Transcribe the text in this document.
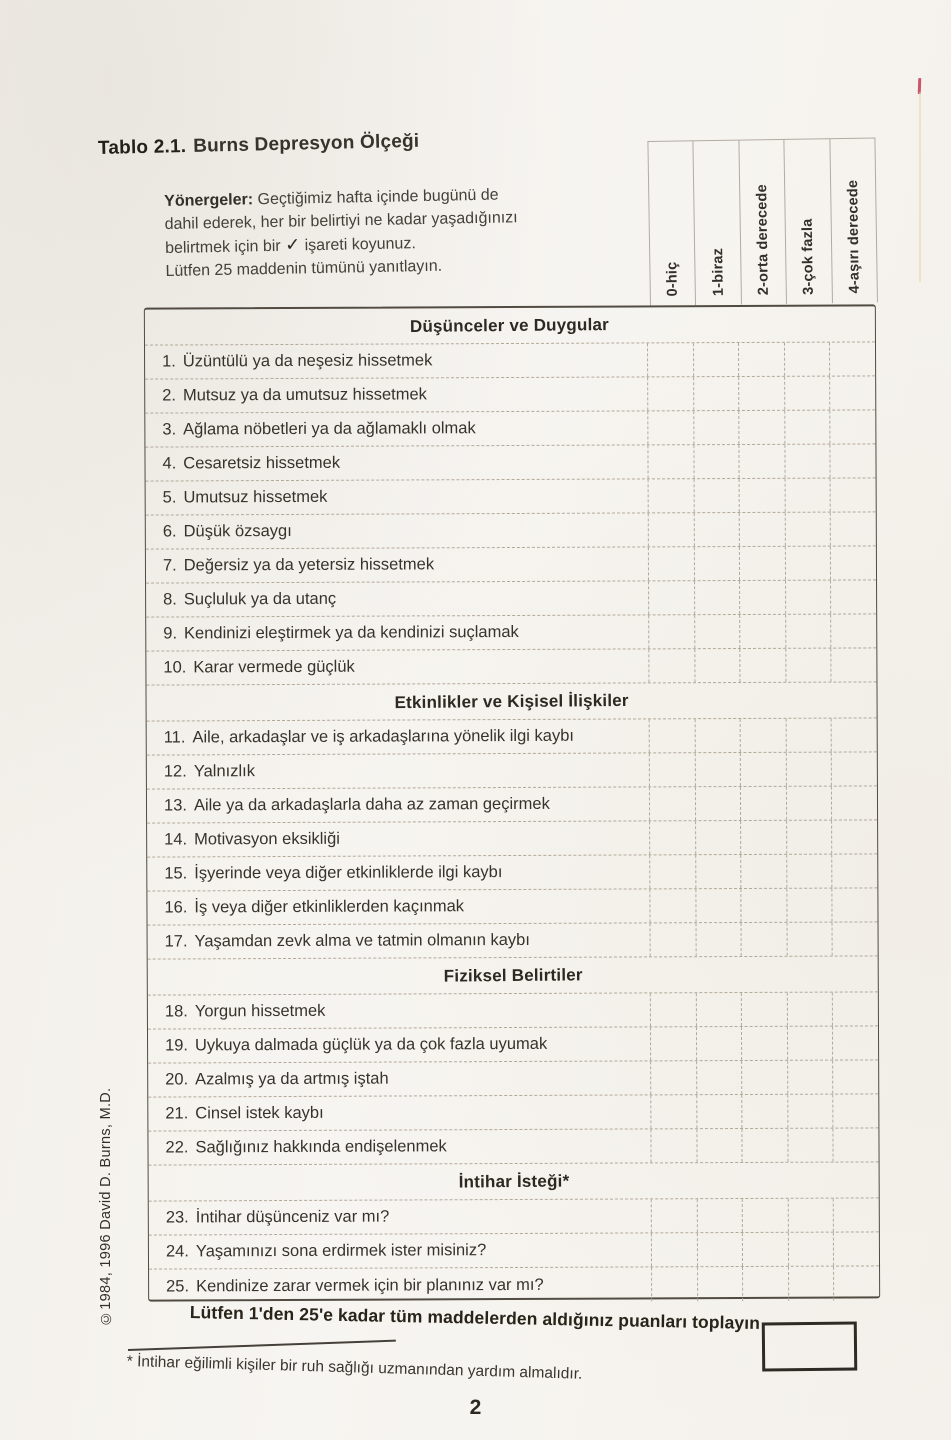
Tablo 2.1. Burns Depresyon Ölçeği
Yönergeler: Geçtiğimiz hafta içinde bugünü de
dahil ederek, her bir belirtiyi ne kadar yaşadığınızı
belirtmek için bir ✓ işareti koyunuz.
Lütfen 25 maddenin tümünü yanıtlayın.	0-hiç 1-biraz 2-orta derecede 3-çok fazla 4-aşırı derecede
Düşünceler ve Duygular
1. Üzüntülü ya da neşesiz hissetmek
2. Mutsuz ya da umutsuz hissetmek
3. Ağlama nöbetleri ya da ağlamaklı olmak
4. Cesaretsiz hissetmek
5. Umutsuz hissetmek
6. Düşük özsaygı
7. Değersiz ya da yetersiz hissetmek
8. Suçluluk ya da utanç
9. Kendinizi eleştirmek ya da kendinizi suçlamak
10. Karar vermede güçlük
Etkinlikler ve Kişisel İlişkiler
11. Aile, arkadaşlar ve iş arkadaşlarına yönelik ilgi kaybı
12. Yalnızlık
13. Aile ya da arkadaşlarla daha az zaman geçirmek
14. Motivasyon eksikliği
15. İşyerinde veya diğer etkinliklerde ilgi kaybı
16. İş veya diğer etkinliklerden kaçınmak
17. Yaşamdan zevk alma ve tatmin olmanın kaybı
Fiziksel Belirtiler
18. Yorgun hissetmek
19. Uykuya dalmada güçlük ya da çok fazla uyumak
20. Azalmış ya da artmış iştah
21. Cinsel istek kaybı
22. Sağlığınız hakkında endişelenmek
İntihar İsteği*
23. İntihar düşünceniz var mı?
24. Yaşamınızı sona erdirmek ister misiniz?
25. Kendinize zarar vermek için bir planınız var mı?
Lütfen 1'den 25'e kadar tüm maddelerden aldığınız puanları toplayın
* İntihar eğilimli kişiler bir ruh sağlığı uzmanından yardım almalıdır.
©1984, 1996 David D. Burns, M.D.
2
